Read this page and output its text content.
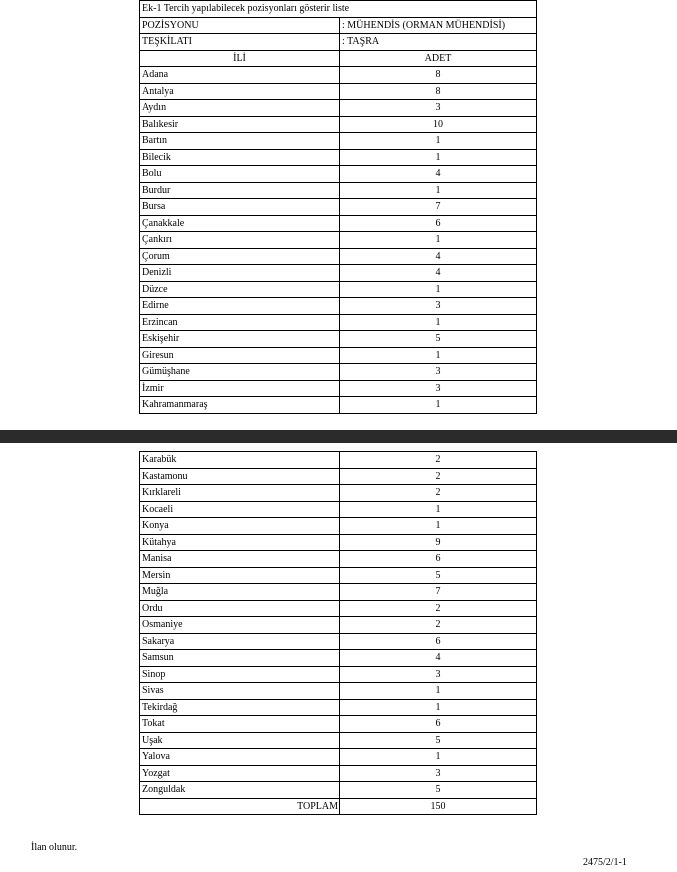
Ek-1 Tercih yapılabilecek pozisyonları gösterir liste	
POZİSYONU	: MÜHENDİS (ORMAN MÜHENDİSİ)
TEŞKİLATI	: TAŞRA
İLİ	ADET
Adana	8
Antalya	8
Aydın	3
Balıkesir	10
Bartın	1
Bilecik	1
Bolu	4
Burdur	1
Bursa	7
Çanakkale	6
Çankırı	1
Çorum	4
Denizli	4
Düzce	1
Edirne	3
Erzincan	1
Eskişehir	5
Giresun	1
Gümüşhane	3
İzmir	3
Kahramanmaraş	1
Karabük	2
Kastamonu	2
Kırklareli	2
Kocaeli	1
Konya	1
Kütahya	9
Manisa	6
Mersin	5
Muğla	7
Ordu	2
Osmaniye	2
Sakarya	6
Samsun	4
Sinop	3
Sivas	1
Tekirdağ	1
Tokat	6
Uşak	5
Yalova	1
Yozgat	3
Zonguldak	5
TOPLAM	150
İlan olunur.
2475/2/1-1
